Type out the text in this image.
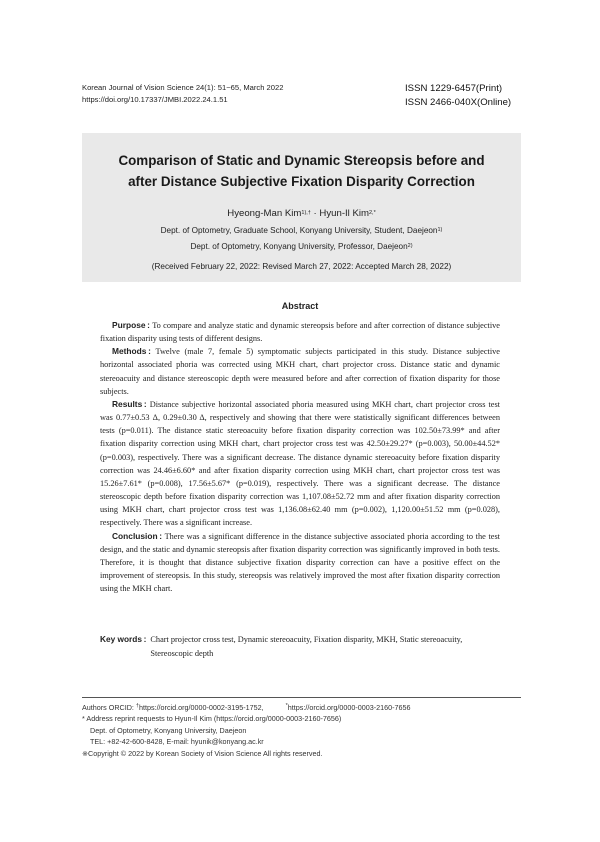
Korean Journal of Vision Science 24(1): 51~65, March 2022
https://doi.org/10.17337/JMBI.2022.24.1.51
ISSN 1229-6457(Print)
ISSN 2466-040X(Online)
Comparison of Static and Dynamic Stereopsis before and
after Distance Subjective Fixation Disparity Correction
Hyeong-Man Kim$^{1),\dagger}$ · Hyun-Il Kim$^{2,*}$
Dept. of Optometry, Graduate School, Konyang University, Student, Daejeon$^{1)}$
Dept. of Optometry, Konyang University, Professor, Daejeon$^{2)}$
(Received February 22, 2022: Revised March 27, 2022: Accepted March 28, 2022)
Abstract

Purpose : To compare and analyze static and dynamic stereopsis before and after correction of distance subjective fixation disparity using tests of different designs.

Methods : Twelve (male 7, female 5) symptomatic subjects participated in this study. Distance subjective horizontal associated phoria was corrected using MKH chart, chart projector cross. Distance static and dynamic stereoacuity and distance stereoscopic depth were measured before and after correction of fixation disparity for those subjects.

Results : Distance subjective horizontal associated phoria measured using MKH chart, chart projector cross test was 0.77±0.53 Δ, 0.29±0.30 Δ, respectively and showing that there were statistically significant differences between tests (p=0.011). The distance static stereoacuity before fixation disparity correction was 102.50±73.99* and after fixation disparity correction using MKH chart, chart projector cross test was 42.50±29.27* (p=0.003), 50.00±44.52* (p=0.003), respectively. There was a significant decrease. The distance dynamic stereoacuity before fixation disparity correction was 24.46±6.60* and after fixation disparity correction using MKH chart, chart projector cross test was 15.26±7.61* (p=0.008), 17.56±5.67* (p=0.019), respectively. There was a significant decrease. The distance stereoscopic depth before fixation disparity correction was 1,107.08±52.72 mm and after fixation disparity correction using MKH chart, chart projector cross test was 1,136.08±62.40 mm (p=0.002), 1,120.00±51.52 mm (p=0.028), respectively. There was a significant increase.

Conclusion : There was a significant difference in the distance subjective associated phoria according to the test design, and the static and dynamic stereopsis after fixation disparity correction was significantly improved in both tests. Therefore, it is thought that distance subjective fixation disparity correction can have a positive effect on the improvement of stereopsis. In this study, stereopsis was relatively improved the most after fixation disparity correction using the MKH chart.

Key words : Chart projector cross test, Dynamic stereoacuity, Fixation disparity, MKH, Static stereoacuity, Stereoscopic depth
Authors ORCID: †https://orcid.org/0000-0002-3195-1752,	*https://orcid.org/0000-0003-2160-7656
* Address reprint requests to Hyun-Il Kim (https://orcid.org/0000-0003-2160-7656)
Dept. of Optometry, Konyang University, Daejeon
TEL: +82-42-600-8428, E-mail: hyunik@konyang.ac.kr
※Copyright © 2022 by Korean Society of Vision Science All rights reserved.
